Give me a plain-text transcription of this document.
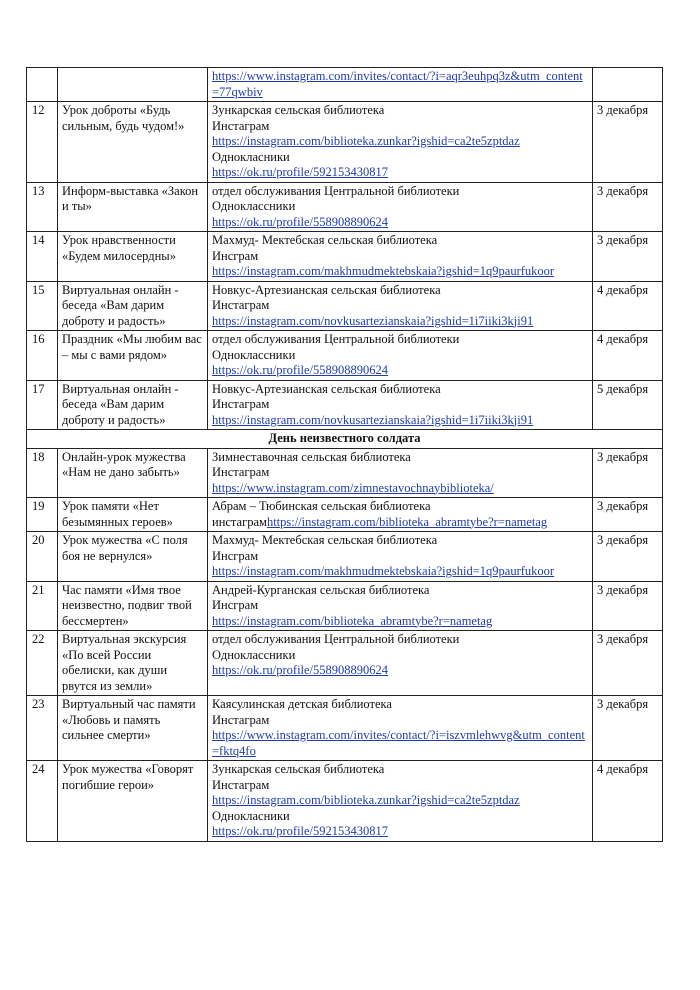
		https://www.instagram.com/invites/contact/?i=aqr3euhpq3z&utm_content=77qwbiv	

12	Урок доброты «Будь сильным, будь чудом!»	Зункарская сельская библиотека
Инстаграм
https://instagram.com/biblioteka.zunkar?igshid=ca2te5zptdaz
Однокласники
https://ok.ru/profile/592153430817	3 декабря
13	Информ-выставка «Закон и ты»	отдел обслуживания Центральной библиотеки
Одноклассники
https://ok.ru/profile/558908890624	3 декабря
14	Урок нравственности «Будем милосердны»	Махмуд- Мектебская сельская библиотека
Инсграм
https://instagram.com/makhmudmektebskaia?igshid=1q9paurfukoor	3 декабря
15	Виртуальная онлайн - беседа «Вам дарим доброту и радость»	Новкус-Артезианская сельская библиотека
Инстаграм
https://instagram.com/novkusartezianskaia?igshid=1i7iiki3kji91	4 декабря
16	Праздник «Мы любим вас – мы с вами рядом»	отдел обслуживания Центральной библиотеки
Одноклассники
https://ok.ru/profile/558908890624	4 декабря
17	Виртуальная онлайн - беседа «Вам дарим доброту и радость»	Новкус-Артезианская сельская библиотека
Инстаграм
https://instagram.com/novkusartezianskaia?igshid=1i7iiki3kji91	5 декабря
День неизвестного солдата			
18	Онлайн-урок мужества «Нам не дано забыть»	Зимнеставочная сельская библиотека
Инстаграм
https://www.instagram.com/zimnestavochnaybiblioteka/	3 декабря
19	Урок памяти «Нет безымянных героев»	Абрам – Тюбинская сельская библиотека
инстаграмhttps://instagram.com/biblioteka_abramtybe?r=nametag	3 декабря
20	Урок мужества «С поля боя не вернулся»	Махмуд- Мектебская сельская библиотека
Инсграм
https://instagram.com/makhmudmektebskaia?igshid=1q9paurfukoor	3 декабря
21	Час памяти «Имя твое неизвестно, подвиг твой бессмертен»	Андрей-Курганская сельская библиотека
Инсграм
https://instagram.com/biblioteka_abramtybe?r=nametag	3 декабря
22	Виртуальная экскурсия «По всей России обелиски, как души рвутся из земли»	отдел обслуживания Центральной библиотеки
Одноклассники
https://ok.ru/profile/558908890624	3 декабря
23	Виртуальный час памяти «Любовь и память сильнее смерти»	Каясулинская детская библиотека
Инстаграм
https://www.instagram.com/invites/contact/?i=iszvmlehwvg&utm_content=fktq4fo	3 декабря
24	Урок мужества «Говорят погибшие герои»	Зункарская сельская библиотека
Инстаграм
https://instagram.com/biblioteka.zunkar?igshid=ca2te5zptdaz
Однокласники
https://ok.ru/profile/592153430817	4 декабря
